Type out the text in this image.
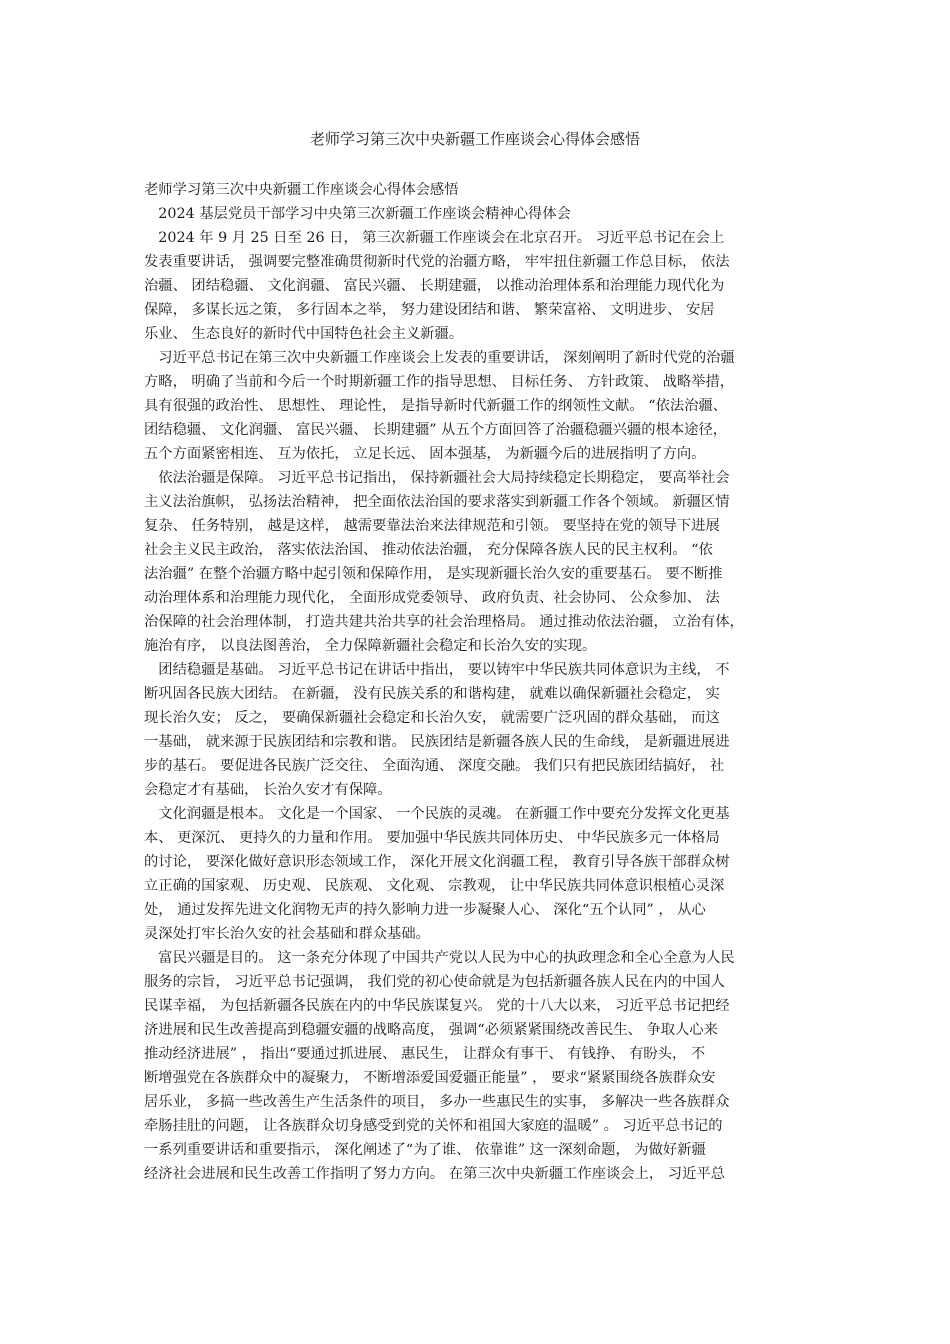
老师学习第三次中央新疆工作座谈会心得体会感悟

老师学习第三次中央新疆工作座谈会心得体会感悟

　2024 基层党员干部学习中央第三次新疆工作座谈会精神心得体会

　2024 年 9 月 25 日至 26 日， 第三次新疆工作座谈会在北京召开。 习近平总书记在会上

发表重要讲话， 强调要完整准确贯彻新时代党的治疆方略， 牢牢扭住新疆工作总目标， 依法

治疆、 团结稳疆、 文化润疆、 富民兴疆、 长期建疆， 以推动治理体系和治理能力现代化为

保障， 多谋长远之策， 多行固本之举， 努力建设团结和谐、 繁荣富裕、 文明进步、 安居

乐业、 生态良好的新时代中国特色社会主义新疆。

　习近平总书记在第三次中央新疆工作座谈会上发表的重要讲话， 深刻阐明了新时代党的治疆

方略， 明确了当前和今后一个时期新疆工作的指导思想、 目标任务、 方针政策、 战略举措，

具有很强的政治性、 思想性、 理论性， 是指导新时代新疆工作的纲领性文献。 “依法治疆、

团结稳疆、 文化润疆、 富民兴疆、 长期建疆” 从五个方面回答了治疆稳疆兴疆的根本途径，

五个方面紧密相连、 互为依托， 立足长远、 固本强基， 为新疆今后的进展指明了方向。

　依法治疆是保障。 习近平总书记指出， 保持新疆社会大局持续稳定长期稳定， 要高举社会

主义法治旗帜， 弘扬法治精神， 把全面依法治国的要求落实到新疆工作各个领域。 新疆区情

复杂、 任务特别， 越是这样， 越需要靠法治来法律规范和引领。 要坚持在党的领导下进展

社会主义民主政治， 落实依法治国、 推动依法治疆， 充分保障各族人民的民主权利。 “依

法治疆” 在整个治疆方略中起引领和保障作用， 是实现新疆长治久安的重要基石。 要不断推

动治理体系和治理能力现代化， 全面形成党委领导、 政府负责、社会协同、 公众参加、 法

治保障的社会治理体制， 打造共建共治共享的社会治理格局。 通过推动依法治疆， 立治有体，

施治有序， 以良法图善治， 全力保障新疆社会稳定和长治久安的实现。

　团结稳疆是基础。 习近平总书记在讲话中指出， 要以铸牢中华民族共同体意识为主线， 不

断巩固各民族大团结。 在新疆， 没有民族关系的和谐构建， 就难以确保新疆社会稳定， 实

现长治久安； 反之， 要确保新疆社会稳定和长治久安， 就需要广泛巩固的群众基础， 而这

一基础， 就来源于民族团结和宗教和谐。 民族团结是新疆各族人民的生命线， 是新疆进展进

步的基石。 要促进各民族广泛交往、 全面沟通、 深度交融。 我们只有把民族团结搞好， 社

会稳定才有基础， 长治久安才有保障。

　文化润疆是根本。 文化是一个国家、 一个民族的灵魂。 在新疆工作中要充分发挥文化更基

本、 更深沉、 更持久的力量和作用。 要加强中华民族共同体历史、 中华民族多元一体格局

的讨论， 要深化做好意识形态领域工作， 深化开展文化润疆工程， 教育引导各族干部群众树

立正确的国家观、 历史观、 民族观、 文化观、 宗教观， 让中华民族共同体意识根植心灵深

处， 通过发挥先进文化润物无声的持久影响力进一步凝聚人心、 深化“五个认同” ， 从心

灵深处打牢长治久安的社会基础和群众基础。

　富民兴疆是目的。 这一条充分体现了中国共产党以人民为中心的执政理念和全心全意为人民

服务的宗旨， 习近平总书记强调， 我们党的初心使命就是为包括新疆各族人民在内的中国人

民谋幸福， 为包括新疆各民族在内的中华民族谋复兴。 党的十八大以来， 习近平总书记把经

济进展和民生改善提高到稳疆安疆的战略高度， 强调“必须紧紧围绕改善民生、 争取人心来

推动经济进展” ， 指出“要通过抓进展、 惠民生， 让群众有事干、 有钱挣、 有盼头， 不

断增强党在各族群众中的凝聚力， 不断增添爱国爱疆正能量” ， 要求“紧紧围绕各族群众安

居乐业， 多搞一些改善生产生活条件的项目， 多办一些惠民生的实事， 多解决一些各族群众

牵肠挂肚的问题， 让各族群众切身感受到党的关怀和祖国大家庭的温暖” 。 习近平总书记的

一系列重要讲话和重要指示， 深化阐述了“为了谁、 依靠谁” 这一深刻命题， 为做好新疆

经济社会进展和民生改善工作指明了努力方向。 在第三次中央新疆工作座谈会上， 习近平总
